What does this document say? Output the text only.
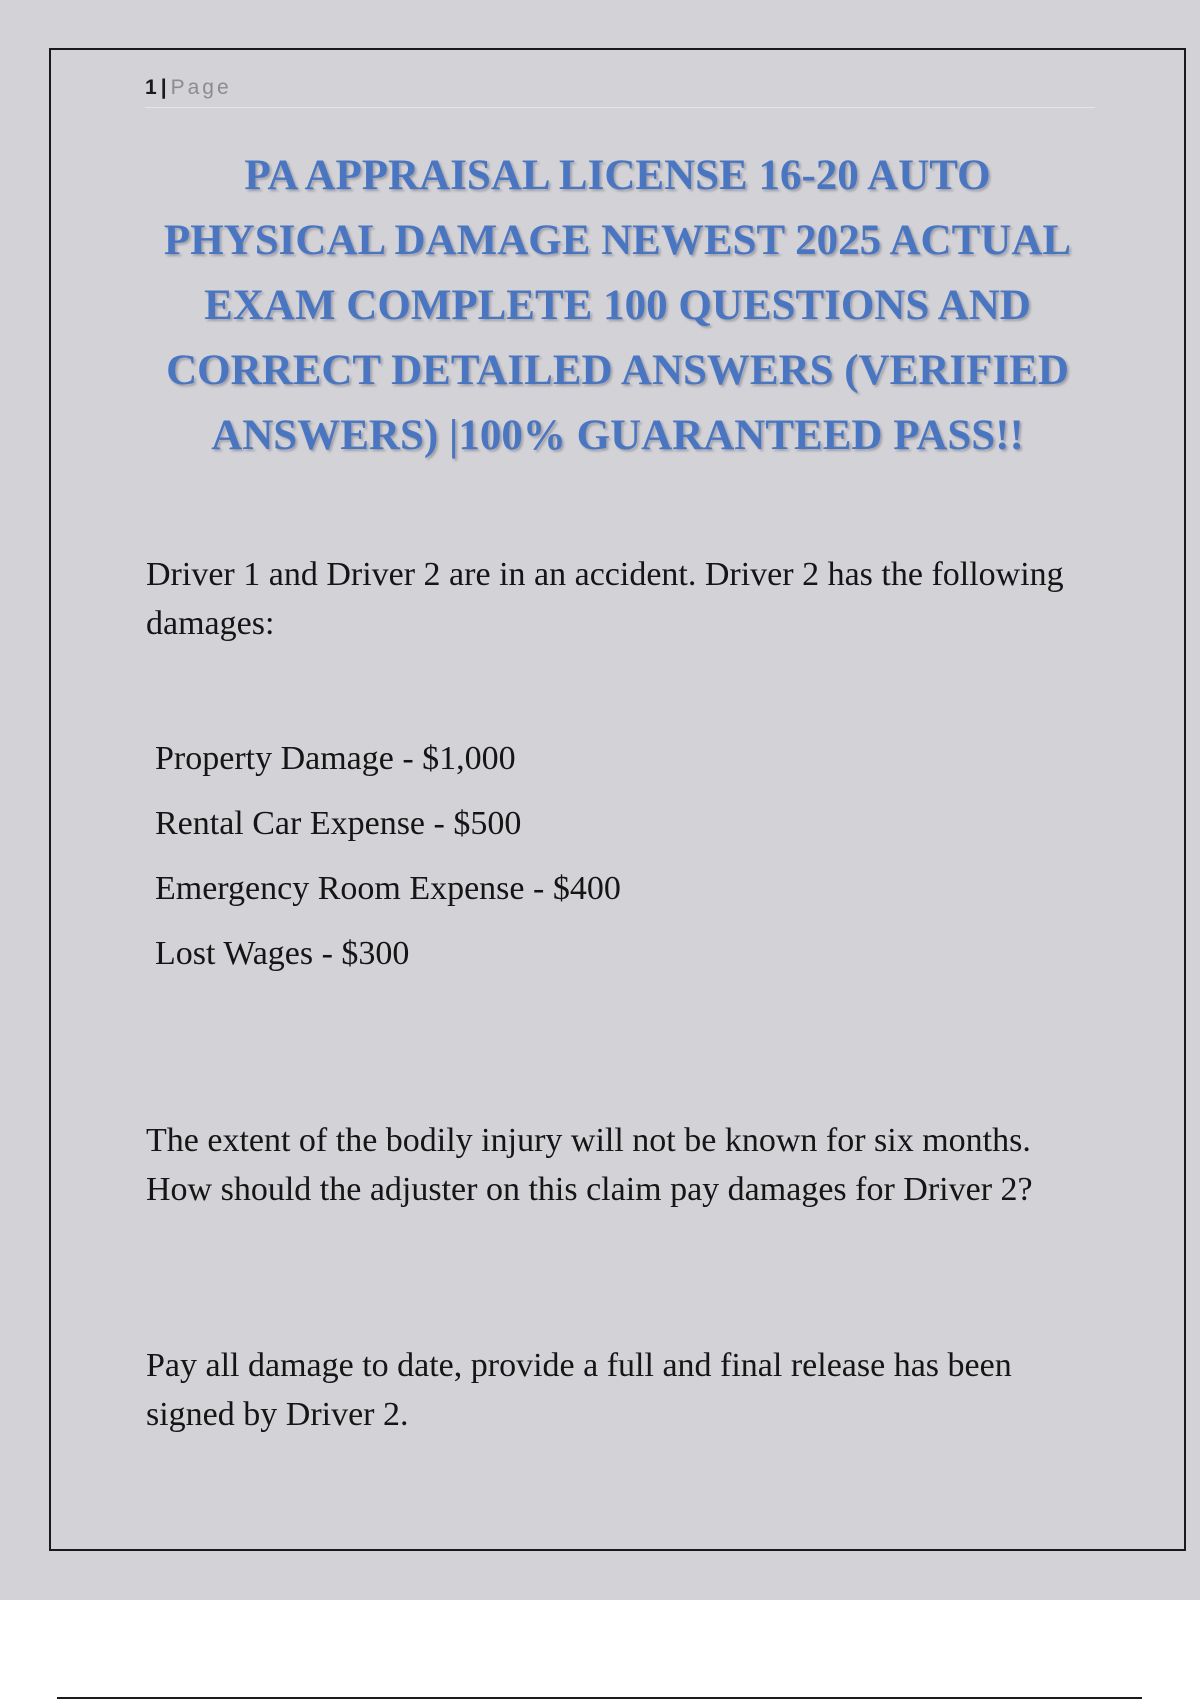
1 | Page
PA APPRAISAL LICENSE 16-20 AUTO PHYSICAL DAMAGE NEWEST 2025 ACTUAL EXAM COMPLETE 100 QUESTIONS AND CORRECT DETAILED ANSWERS (VERIFIED ANSWERS) |100% GUARANTEED PASS!!

Driver 1 and Driver 2 are in an accident. Driver 2 has the following damages:

Property Damage - $1,000
Rental Car Expense - $500
Emergency Room Expense - $400
Lost Wages - $300

The extent of the bodily injury will not be known for six months. How should the adjuster on this claim pay damages for Driver 2?

Pay all damage to date, provide a full and final release has been signed by Driver 2.
